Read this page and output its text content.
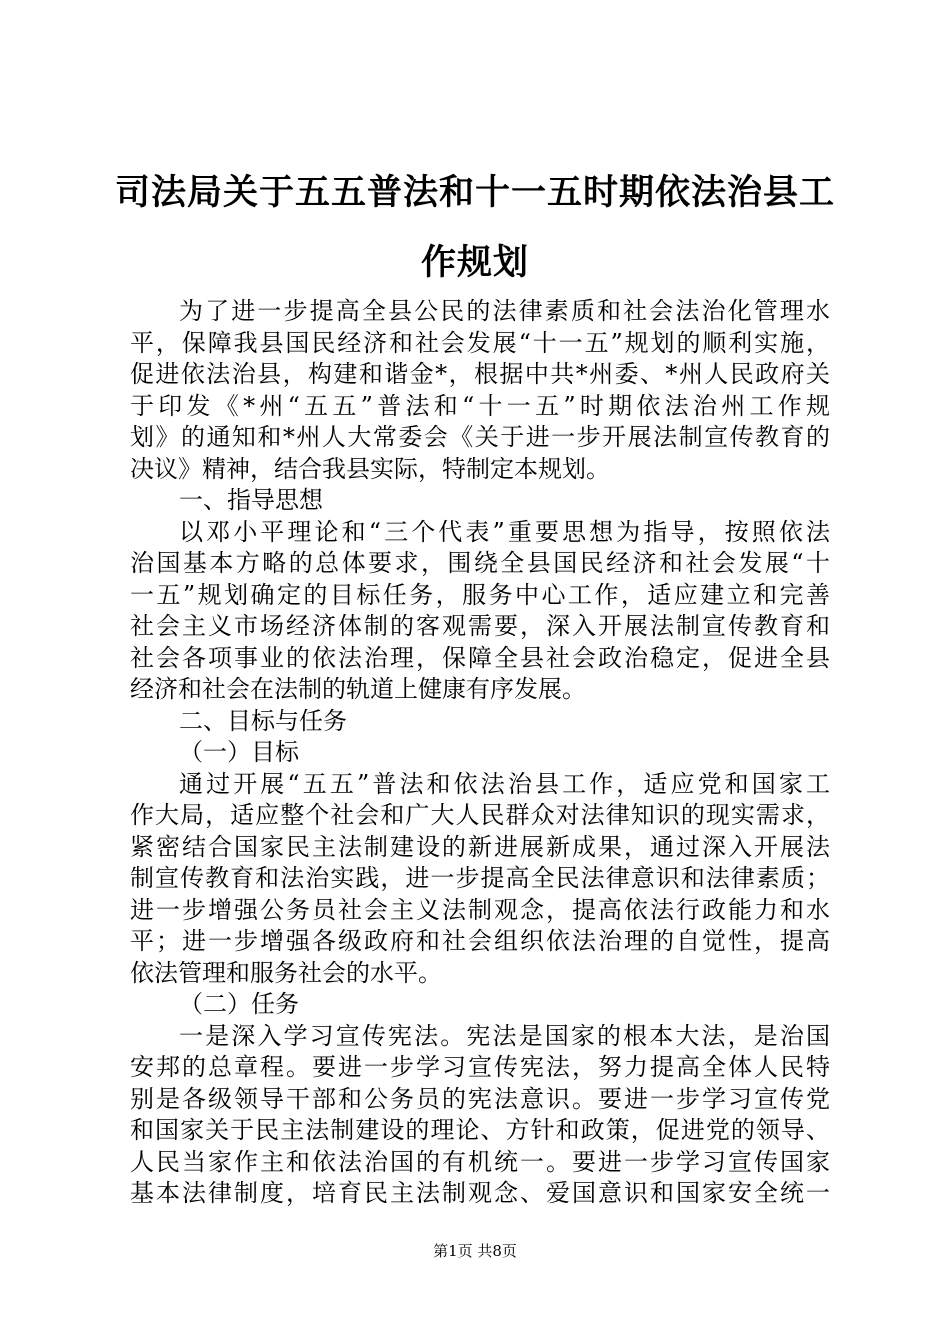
司法局关于五五普法和十一五时期依法治县工
作规划
为了进一步提高全县公民的法律素质和社会法治化管理水
平，保障我县国民经济和社会发展“十一五”规划的顺利实施，
促进依法治县，构建和谐金*，根据中共*州委、*州人民政府关
于印发《*州“五五”普法和“十一五”时期依法治州工作规
划》的通知和*州人大常委会《关于进一步开展法制宣传教育的
决议》精神，结合我县实际，特制定本规划。
一、指导思想
以邓小平理论和“三个代表”重要思想为指导，按照依法
治国基本方略的总体要求，围绕全县国民经济和社会发展“十
一五”规划确定的目标任务，服务中心工作，适应建立和完善
社会主义市场经济体制的客观需要，深入开展法制宣传教育和
社会各项事业的依法治理，保障全县社会政治稳定，促进全县
经济和社会在法制的轨道上健康有序发展。
二、目标与任务
（一）目标
通过开展“五五”普法和依法治县工作，适应党和国家工
作大局，适应整个社会和广大人民群众对法律知识的现实需求，
紧密结合国家民主法制建设的新进展新成果，通过深入开展法
制宣传教育和法治实践，进一步提高全民法律意识和法律素质；
进一步增强公务员社会主义法制观念，提高依法行政能力和水
平；进一步增强各级政府和社会组织依法治理的自觉性，提高
依法管理和服务社会的水平。
（二）任务
一是深入学习宣传宪法。宪法是国家的根本大法，是治国
安邦的总章程。要进一步学习宣传宪法，努力提高全体人民特
别是各级领导干部和公务员的宪法意识。要进一步学习宣传党
和国家关于民主法制建设的理论、方针和政策，促进党的领导、
人民当家作主和依法治国的有机统一。要进一步学习宣传国家
基本法律制度，培育民主法制观念、爱国意识和国家安全统一
第1页 共8页
